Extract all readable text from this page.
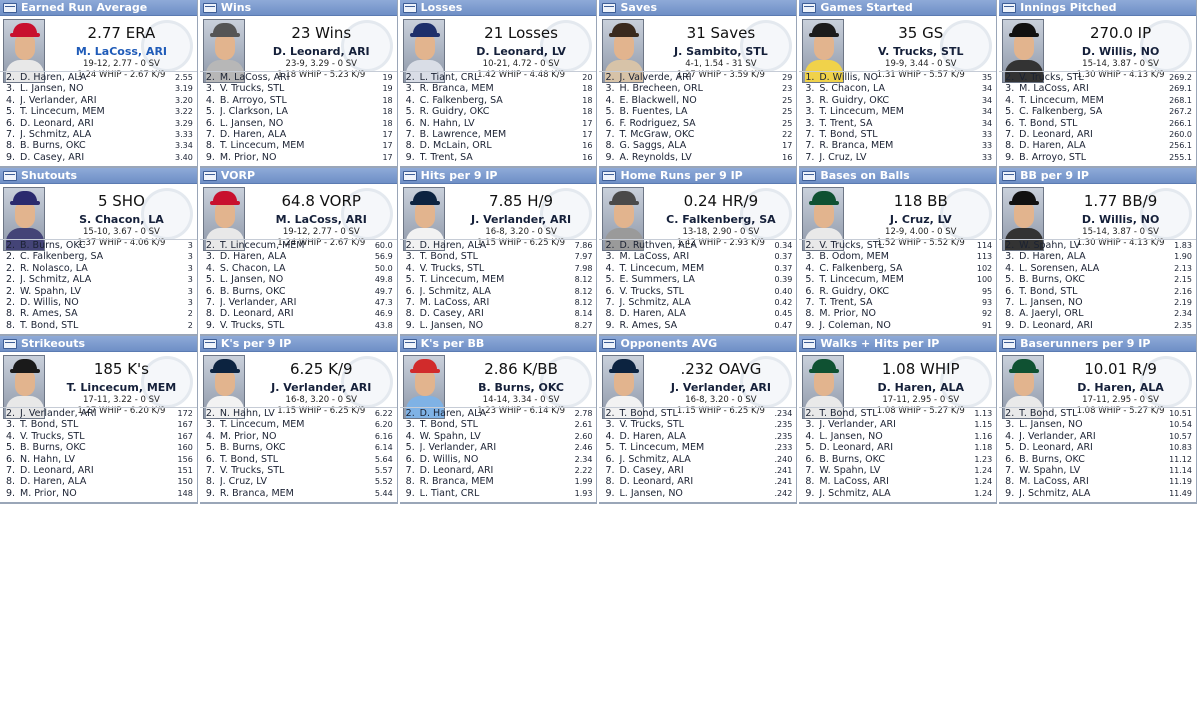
Earned Run Average
2.77 ERA
M. LaCoss, ARI
19-12, 2.77 - 0 SV
1.24 WHIP - 2.67 K/9
2. D. Haren, ALA	2.55
3. L. Jansen, NO	3.19
4. J. Verlander, ARI	3.20
5. T. Lincecum, MEM	3.22
6. D. Leonard, ARI	3.29
7. J. Schmitz, ALA	3.33
8. B. Burns, OKC	3.34
9. D. Casey, ARI	3.40
Wins
23 Wins
D. Leonard, ARI
23-9, 3.29 - 0 SV
1.18 WHIP - 5.23 K/9
2. M. LaCoss, ARI	19
3. V. Trucks, STL	19
4. B. Arroyo, STL	18
5. J. Clarkson, LA	18
6. L. Jansen, NO	18
7. D. Haren, ALA	17
8. T. Lincecum, MEM	17
9. M. Prior, NO	17
Losses
21 Losses
D. Leonard, LV
10-21, 4.72 - 0 SV
1.42 WHIP - 4.48 K/9
2. L. Tiant, CRL	20
3. R. Branca, MEM	18
4. C. Falkenberg, SA	18
5. R. Guidry, OKC	18
6. N. Hahn, LV	17
7. B. Lawrence, MEM	17
8. D. McLain, ORL	16
9. T. Trent, SA	16
Saves
31 Saves
J. Sambito, STL
4-1, 1.54 - 31 SV
1.27 WHIP - 3.59 K/9
2. J. Valverde, ARI	29
3. H. Brecheen, ORL	23
4. E. Blackwell, NO	25
5. B. Fuentes, LA	25
6. F. Rodriguez, SA	25
7. T. McGraw, OKC	22
8. G. Saggs, ALA	17
9. A. Reynolds, LV	16
Games Started
35 GS
V. Trucks, STL
19-9, 3.44 - 0 SV
1.31 WHIP - 5.57 K/9
1. D. Willis, NO	35
3. S. Chacon, LA	34
3. R. Guidry, OKC	34
3. T. Lincecum, MEM	34
3. T. Trent, SA	34
7. T. Bond, STL	33
7. R. Branca, MEM	33
7. J. Cruz, LV	33
Innings Pitched
270.0 IP
D. Willis, NO
15-14, 3.87 - 0 SV
1.30 WHIP - 4.13 K/9
2. V. Trucks, STL	269.2
3. M. LaCoss, ARI	269.1
4. T. Lincecum, MEM	268.1
5. C. Falkenberg, SA	267.2
6. T. Bond, STL	266.1
7. D. Leonard, ARI	260.0
8. D. Haren, ALA	256.1
9. B. Arroyo, STL	255.1
Shutouts
5 SHO
S. Chacon, LA
15-10, 3.67 - 0 SV
1.37 WHIP - 4.06 K/9
2. B. Burns, OKC	3
2. C. Falkenberg, SA	3
2. R. Nolasco, LA	3
2. J. Schmitz, ALA	3
2. W. Spahn, LV	3
2. D. Willis, NO	3
8. R. Ames, SA	2
8. T. Bond, STL	2
VORP
64.8 VORP
M. LaCoss, ARI
19-12, 2.77 - 0 SV
1.24 WHIP - 2.67 K/9
2. T. Lincecum, MEM	60.0
3. D. Haren, ALA	56.9
4. S. Chacon, LA	50.0
5. L. Jansen, NO	49.8
6. B. Burns, OKC	49.7
7. J. Verlander, ARI	47.3
8. D. Leonard, ARI	46.9
9. V. Trucks, STL	43.8
Hits per 9 IP
7.85 H/9
J. Verlander, ARI
16-8, 3.20 - 0 SV
1.15 WHIP - 6.25 K/9
2. D. Haren, ALA	7.86
3. T. Bond, STL	7.97
4. V. Trucks, STL	7.98
5. T. Lincecum, MEM	8.12
6. J. Schmitz, ALA	8.12
7. M. LaCoss, ARI	8.12
8. D. Casey, ARI	8.14
9. L. Jansen, NO	8.27
Home Runs per 9 IP
0.24 HR/9
C. Falkenberg, SA
13-18, 2.90 - 0 SV
1.42 WHIP - 2.93 K/9
2. D. Ruthven, ALA	0.34
3. M. LaCoss, ARI	0.37
4. T. Lincecum, MEM	0.37
5. E. Summers, LA	0.39
6. V. Trucks, STL	0.40
7. J. Schmitz, ALA	0.42
8. D. Haren, ALA	0.45
9. R. Ames, SA	0.47
Bases on Balls
118 BB
J. Cruz, LV
12-9, 4.00 - 0 SV
1.52 WHIP - 5.52 K/9
2. V. Trucks, STL	114
3. B. Odom, MEM	113
4. C. Falkenberg, SA	102
5. T. Lincecum, MEM	100
6. R. Guidry, OKC	95
7. T. Trent, SA	93
8. M. Prior, NO	92
9. J. Coleman, NO	91
BB per 9 IP
1.77 BB/9
D. Willis, NO
15-14, 3.87 - 0 SV
1.30 WHIP - 4.13 K/9
2. W. Spahn, LV	1.83
3. D. Haren, ALA	1.90
4. L. Sorensen, ALA	2.13
5. B. Burns, OKC	2.15
6. T. Bond, STL	2.16
7. L. Jansen, NO	2.19
8. A. Jaeryl, ORL	2.34
9. D. Leonard, ARI	2.35
Strikeouts
185 K's
T. Lincecum, MEM
17-11, 3.22 - 0 SV
1.27 WHIP - 6.20 K/9
2. J. Verlander, ARI	172
3. T. Bond, STL	167
4. V. Trucks, STL	167
5. B. Burns, OKC	160
6. N. Hahn, LV	156
7. D. Leonard, ARI	151
8. D. Haren, ALA	150
9. M. Prior, NO	148
K's per 9 IP
6.25 K/9
J. Verlander, ARI
16-8, 3.20 - 0 SV
1.15 WHIP - 6.25 K/9
2. N. Hahn, LV	6.22
3. T. Lincecum, MEM	6.20
4. M. Prior, NO	6.16
5. B. Burns, OKC	6.14
6. T. Bond, STL	5.64
7. V. Trucks, STL	5.57
8. J. Cruz, LV	5.52
9. R. Branca, MEM	5.44
K's per BB
2.86 K/BB
B. Burns, OKC
14-14, 3.34 - 0 SV
1.23 WHIP - 6.14 K/9
2. D. Haren, ALA	2.78
3. T. Bond, STL	2.61
4. W. Spahn, LV	2.60
5. J. Verlander, ARI	2.46
6. D. Willis, NO	2.34
7. D. Leonard, ARI	2.22
8. R. Branca, MEM	1.99
9. L. Tiant, CRL	1.93
Opponents AVG
.232 OAVG
J. Verlander, ARI
16-8, 3.20 - 0 SV
1.15 WHIP - 6.25 K/9
2. T. Bond, STL	.234
3. V. Trucks, STL	.235
4. D. Haren, ALA	.235
5. T. Lincecum, MEM	.233
6. J. Schmitz, ALA	.240
7. D. Casey, ARI	.241
8. D. Leonard, ARI	.241
9. L. Jansen, NO	.242
Walks + Hits per IP
1.08 WHIP
D. Haren, ALA
17-11, 2.95 - 0 SV
1.08 WHIP - 5.27 K/9
2. T. Bond, STL	1.13
3. J. Verlander, ARI	1.15
4. L. Jansen, NO	1.16
5. D. Leonard, ARI	1.18
6. B. Burns, OKC	1.23
7. W. Spahn, LV	1.24
8. M. LaCoss, ARI	1.24
9. J. Schmitz, ALA	1.24
Baserunners per 9 IP
10.01 R/9
D. Haren, ALA
17-11, 2.95 - 0 SV
1.08 WHIP - 5.27 K/9
2. T. Bond, STL	10.51
3. L. Jansen, NO	10.54
4. J. Verlander, ARI	10.57
5. D. Leonard, ARI	10.83
6. B. Burns, OKC	11.12
7. W. Spahn, LV	11.14
8. M. LaCoss, ARI	11.19
9. J. Schmitz, ALA	11.49
